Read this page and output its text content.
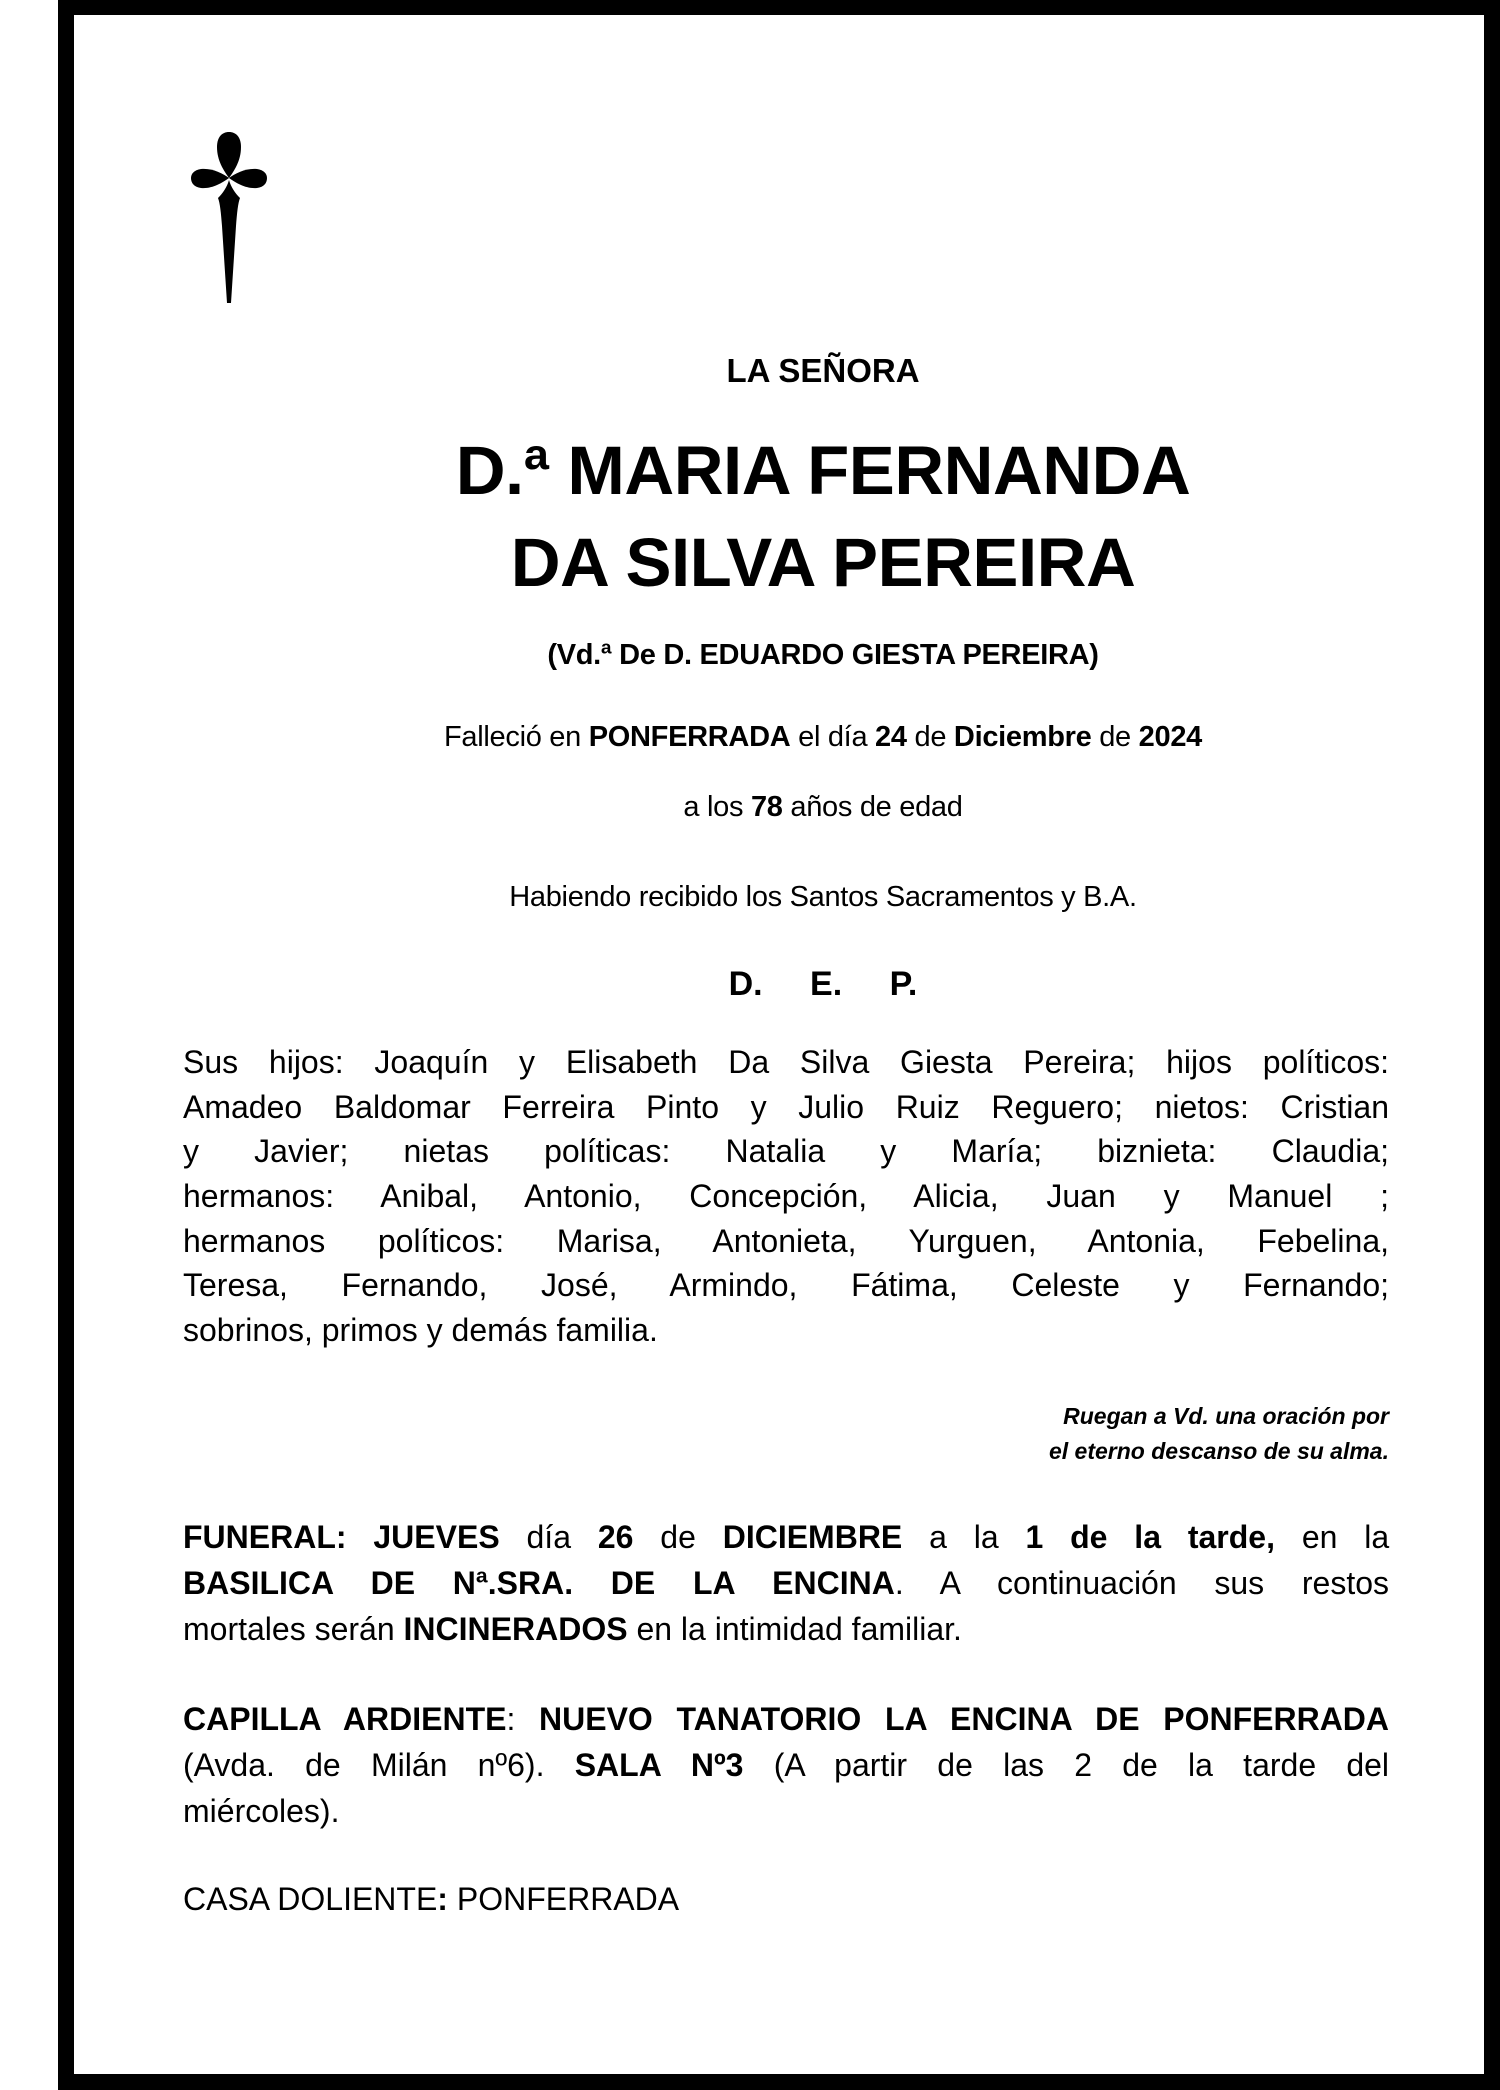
LA SEÑORA
D.ª MARIA FERNANDA
DA SILVA PEREIRA
(Vd.ª De D. EDUARDO GIESTA PEREIRA)
Falleció en PONFERRADA el día 24 de Diciembre de 2024
a los 78 años de edad
Habiendo recibido los Santos Sacramentos y B.A.
D. E. P.
Sus hijos: Joaquín y Elisabeth Da Silva Giesta Pereira; hijos políticos:
Amadeo Baldomar Ferreira Pinto y Julio Ruiz Reguero; nietos: Cristian
y Javier; nietas políticas: Natalia y María; biznieta: Claudia;
hermanos: Anibal, Antonio, Concepción, Alicia, Juan y Manuel ;
hermanos políticos: Marisa, Antonieta, Yurguen, Antonia, Febelina,
Teresa, Fernando, José, Armindo, Fátima, Celeste y Fernando;
sobrinos, primos y demás familia.
Ruegan a Vd. una oración por
el eterno descanso de su alma.
FUNERAL: JUEVES día 26 de DICIEMBRE a la 1 de la tarde, en la
BASILICA DE Nª.SRA. DE LA ENCINA. A continuación sus restos
mortales serán INCINERADOS en la intimidad familiar.
CAPILLA ARDIENTE: NUEVO TANATORIO LA ENCINA DE PONFERRADA
(Avda. de Milán nº6). SALA Nº3 (A partir de las 2 de la tarde del
miércoles).
CASA DOLIENTE: PONFERRADA
